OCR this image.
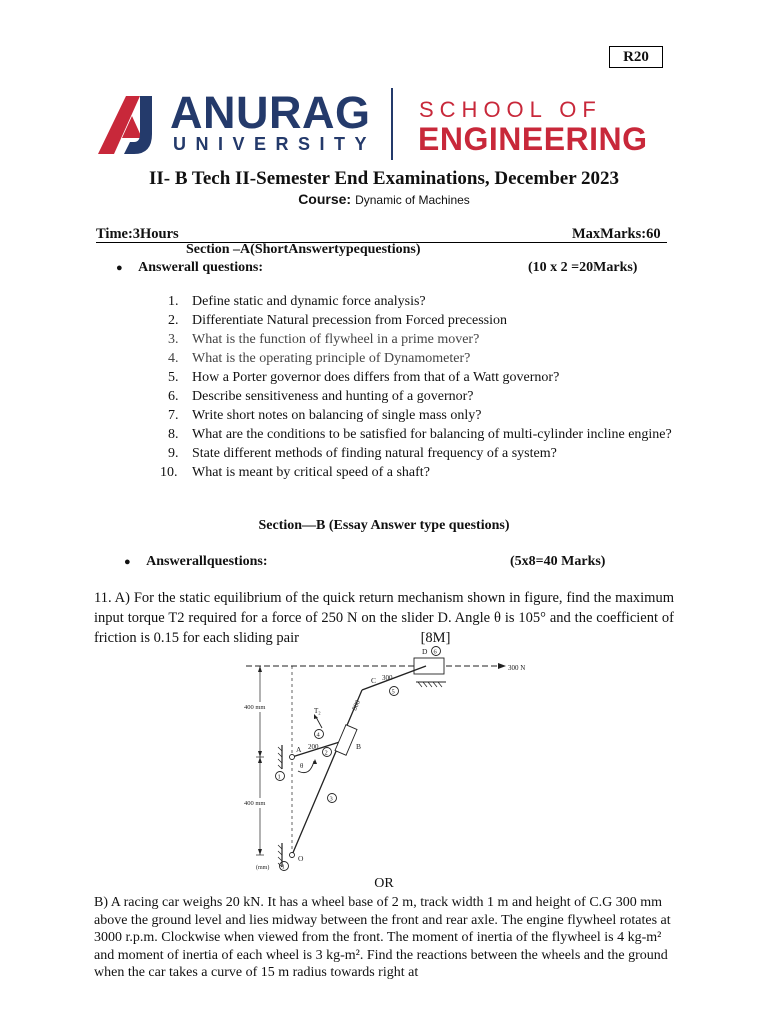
R20
ANURAG
UNIVERSITY
SCHOOL OF
ENGINEERING
II- B Tech II-Semester End Examinations, December 2023
Course: Dynamic of Machines
Time:3Hours	MaxMarks:60
Section –A(ShortAnswertypequestions)
● Answerall questions:	(10 x 2 =20Marks)
1. Define static and dynamic force analysis?
2. Differentiate Natural precession from Forced precession
3. What is the function of flywheel in a prime mover?
4. What is the operating principle of Dynamometer?
5. How a Porter governor does differs from that of a Watt governor?
6. Describe sensitiveness and hunting of a governor?
7. Write short notes on balancing of single mass only?
8. What are the conditions to be satisfied for balancing of multi-cylinder incline engine?
9. State different methods of finding natural frequency of a system?
10. What is meant by critical speed of a shaft?
Section—B (Essay Answer type questions)
● Answerallquestions:	(5x8=40 Marks)
11. A) For the static equilibrium of the quick return mechanism shown in figure, find the maximum input torque T2 required for a force of 250 N on the slider D. Angle θ is 105° and the coefficient of friction is 0.15 for each sliding pair	[8M]
300 N
D 6
C 300
5
800
B
200
A	2
4
3
T₂
θ
1
O
1
(mm)
400 mm
400 mm
OR
B) A racing car weighs 20 kN. It has a wheel base of 2 m, track width 1 m and height of C.G 300 mm above the ground level and lies midway between the front and rear axle. The engine flywheel rotates at 3000 r.p.m. Clockwise when viewed from the front. The moment of inertia of the flywheel is 4 kg-m² and moment of inertia of each wheel is 3 kg-m². Find the reactions between the wheels and the ground when the car takes a curve of 15 m radius towards right at
